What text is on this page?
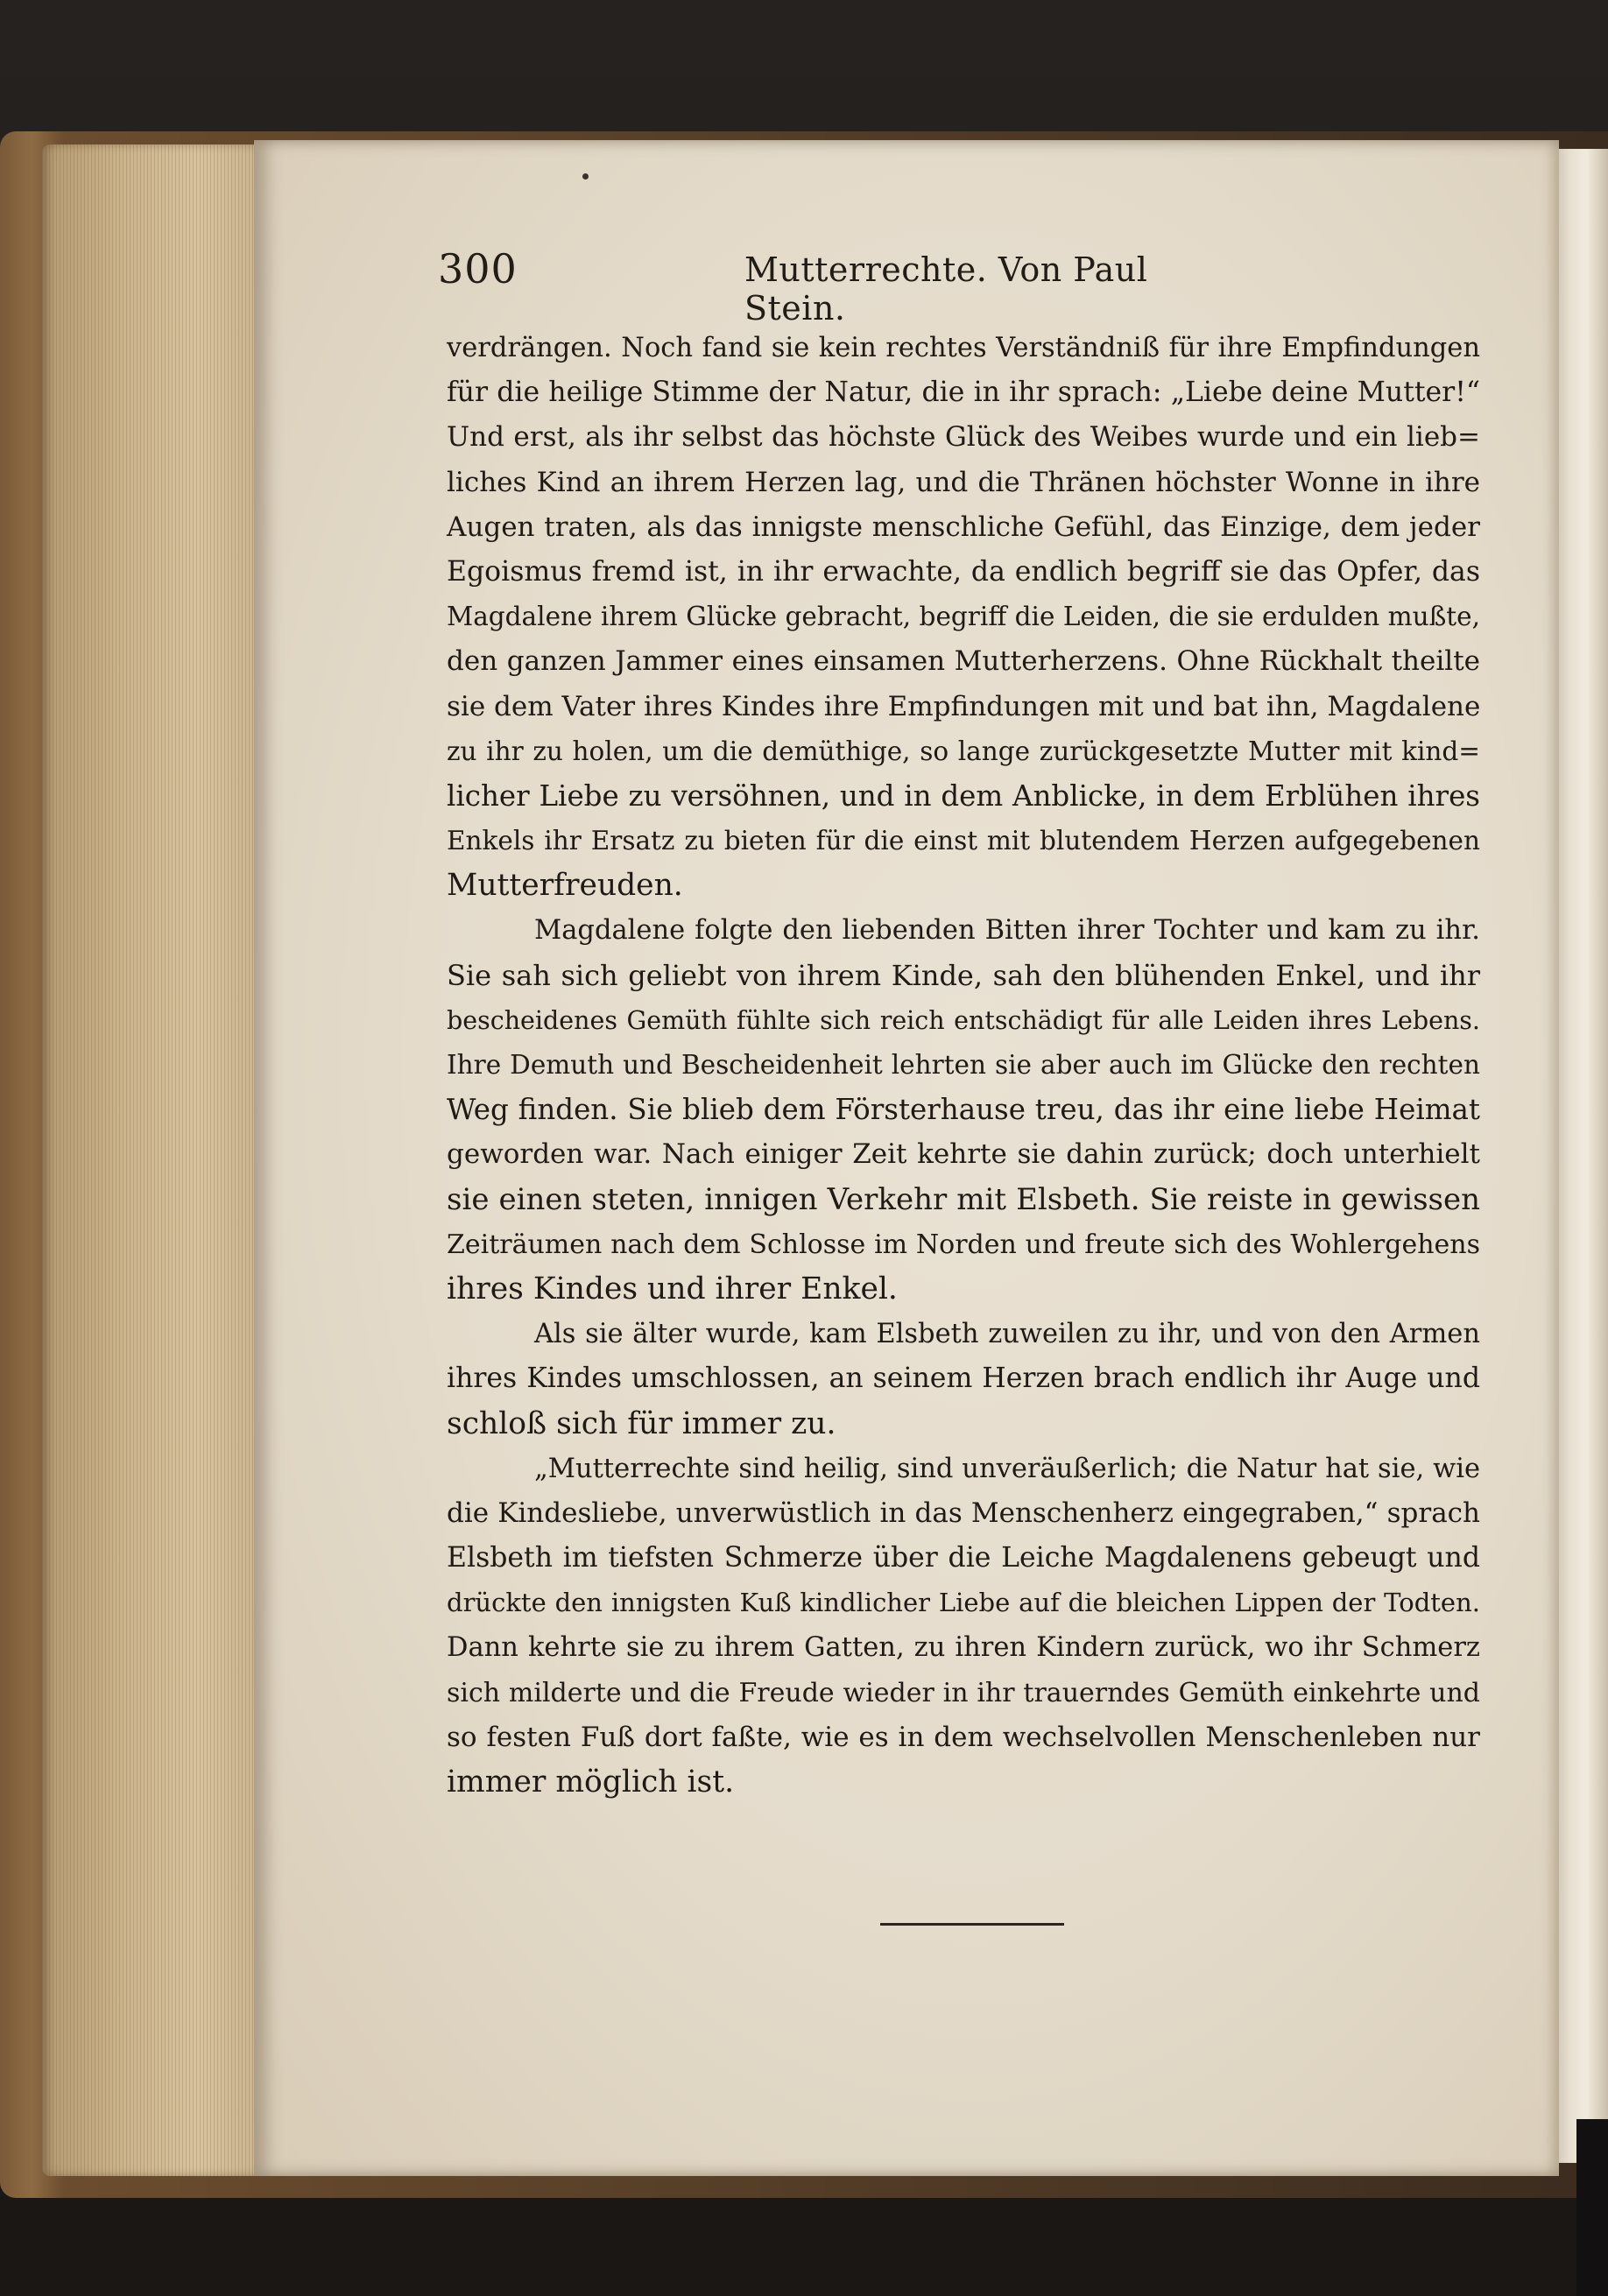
300	Mutterrechte. Von Paul Stein.
verdrängen. Noch fand sie kein rechtes Verständniß für ihre Empfindungen
für die heilige Stimme der Natur, die in ihr sprach: „Liebe deine Mutter!“
Und erst, als ihr selbst das höchste Glück des Weibes wurde und ein lieb=
liches Kind an ihrem Herzen lag, und die Thränen höchster Wonne in ihre
Augen traten, als das innigste menschliche Gefühl, das Einzige, dem jeder
Egoismus fremd ist, in ihr erwachte, da endlich begriff sie das Opfer, das
Magdalene ihrem Glücke gebracht, begriff die Leiden, die sie erdulden mußte,
den ganzen Jammer eines einsamen Mutterherzens. Ohne Rückhalt theilte
sie dem Vater ihres Kindes ihre Empfindungen mit und bat ihn, Magdalene
zu ihr zu holen, um die demüthige, so lange zurückgesetzte Mutter mit kind=
licher Liebe zu versöhnen, und in dem Anblicke, in dem Erblühen ihres
Enkels ihr Ersatz zu bieten für die einst mit blutendem Herzen aufgegebenen
Mutterfreuden.
Magdalene folgte den liebenden Bitten ihrer Tochter und kam zu ihr.
Sie sah sich geliebt von ihrem Kinde, sah den blühenden Enkel, und ihr
bescheidenes Gemüth fühlte sich reich entschädigt für alle Leiden ihres Lebens.
Ihre Demuth und Bescheidenheit lehrten sie aber auch im Glücke den rechten
Weg finden. Sie blieb dem Försterhause treu, das ihr eine liebe Heimat
geworden war. Nach einiger Zeit kehrte sie dahin zurück; doch unterhielt
sie einen steten, innigen Verkehr mit Elsbeth. Sie reiste in gewissen
Zeiträumen nach dem Schlosse im Norden und freute sich des Wohlergehens
ihres Kindes und ihrer Enkel.
Als sie älter wurde, kam Elsbeth zuweilen zu ihr, und von den Armen
ihres Kindes umschlossen, an seinem Herzen brach endlich ihr Auge und
schloß sich für immer zu.
„Mutterrechte sind heilig, sind unveräußerlich; die Natur hat sie, wie
die Kindesliebe, unverwüstlich in das Menschenherz eingegraben,“ sprach
Elsbeth im tiefsten Schmerze über die Leiche Magdalenens gebeugt und
drückte den innigsten Kuß kindlicher Liebe auf die bleichen Lippen der Todten.
Dann kehrte sie zu ihrem Gatten, zu ihren Kindern zurück, wo ihr Schmerz
sich milderte und die Freude wieder in ihr trauerndes Gemüth einkehrte und
so festen Fuß dort faßte, wie es in dem wechselvollen Menschenleben nur
immer möglich ist.
